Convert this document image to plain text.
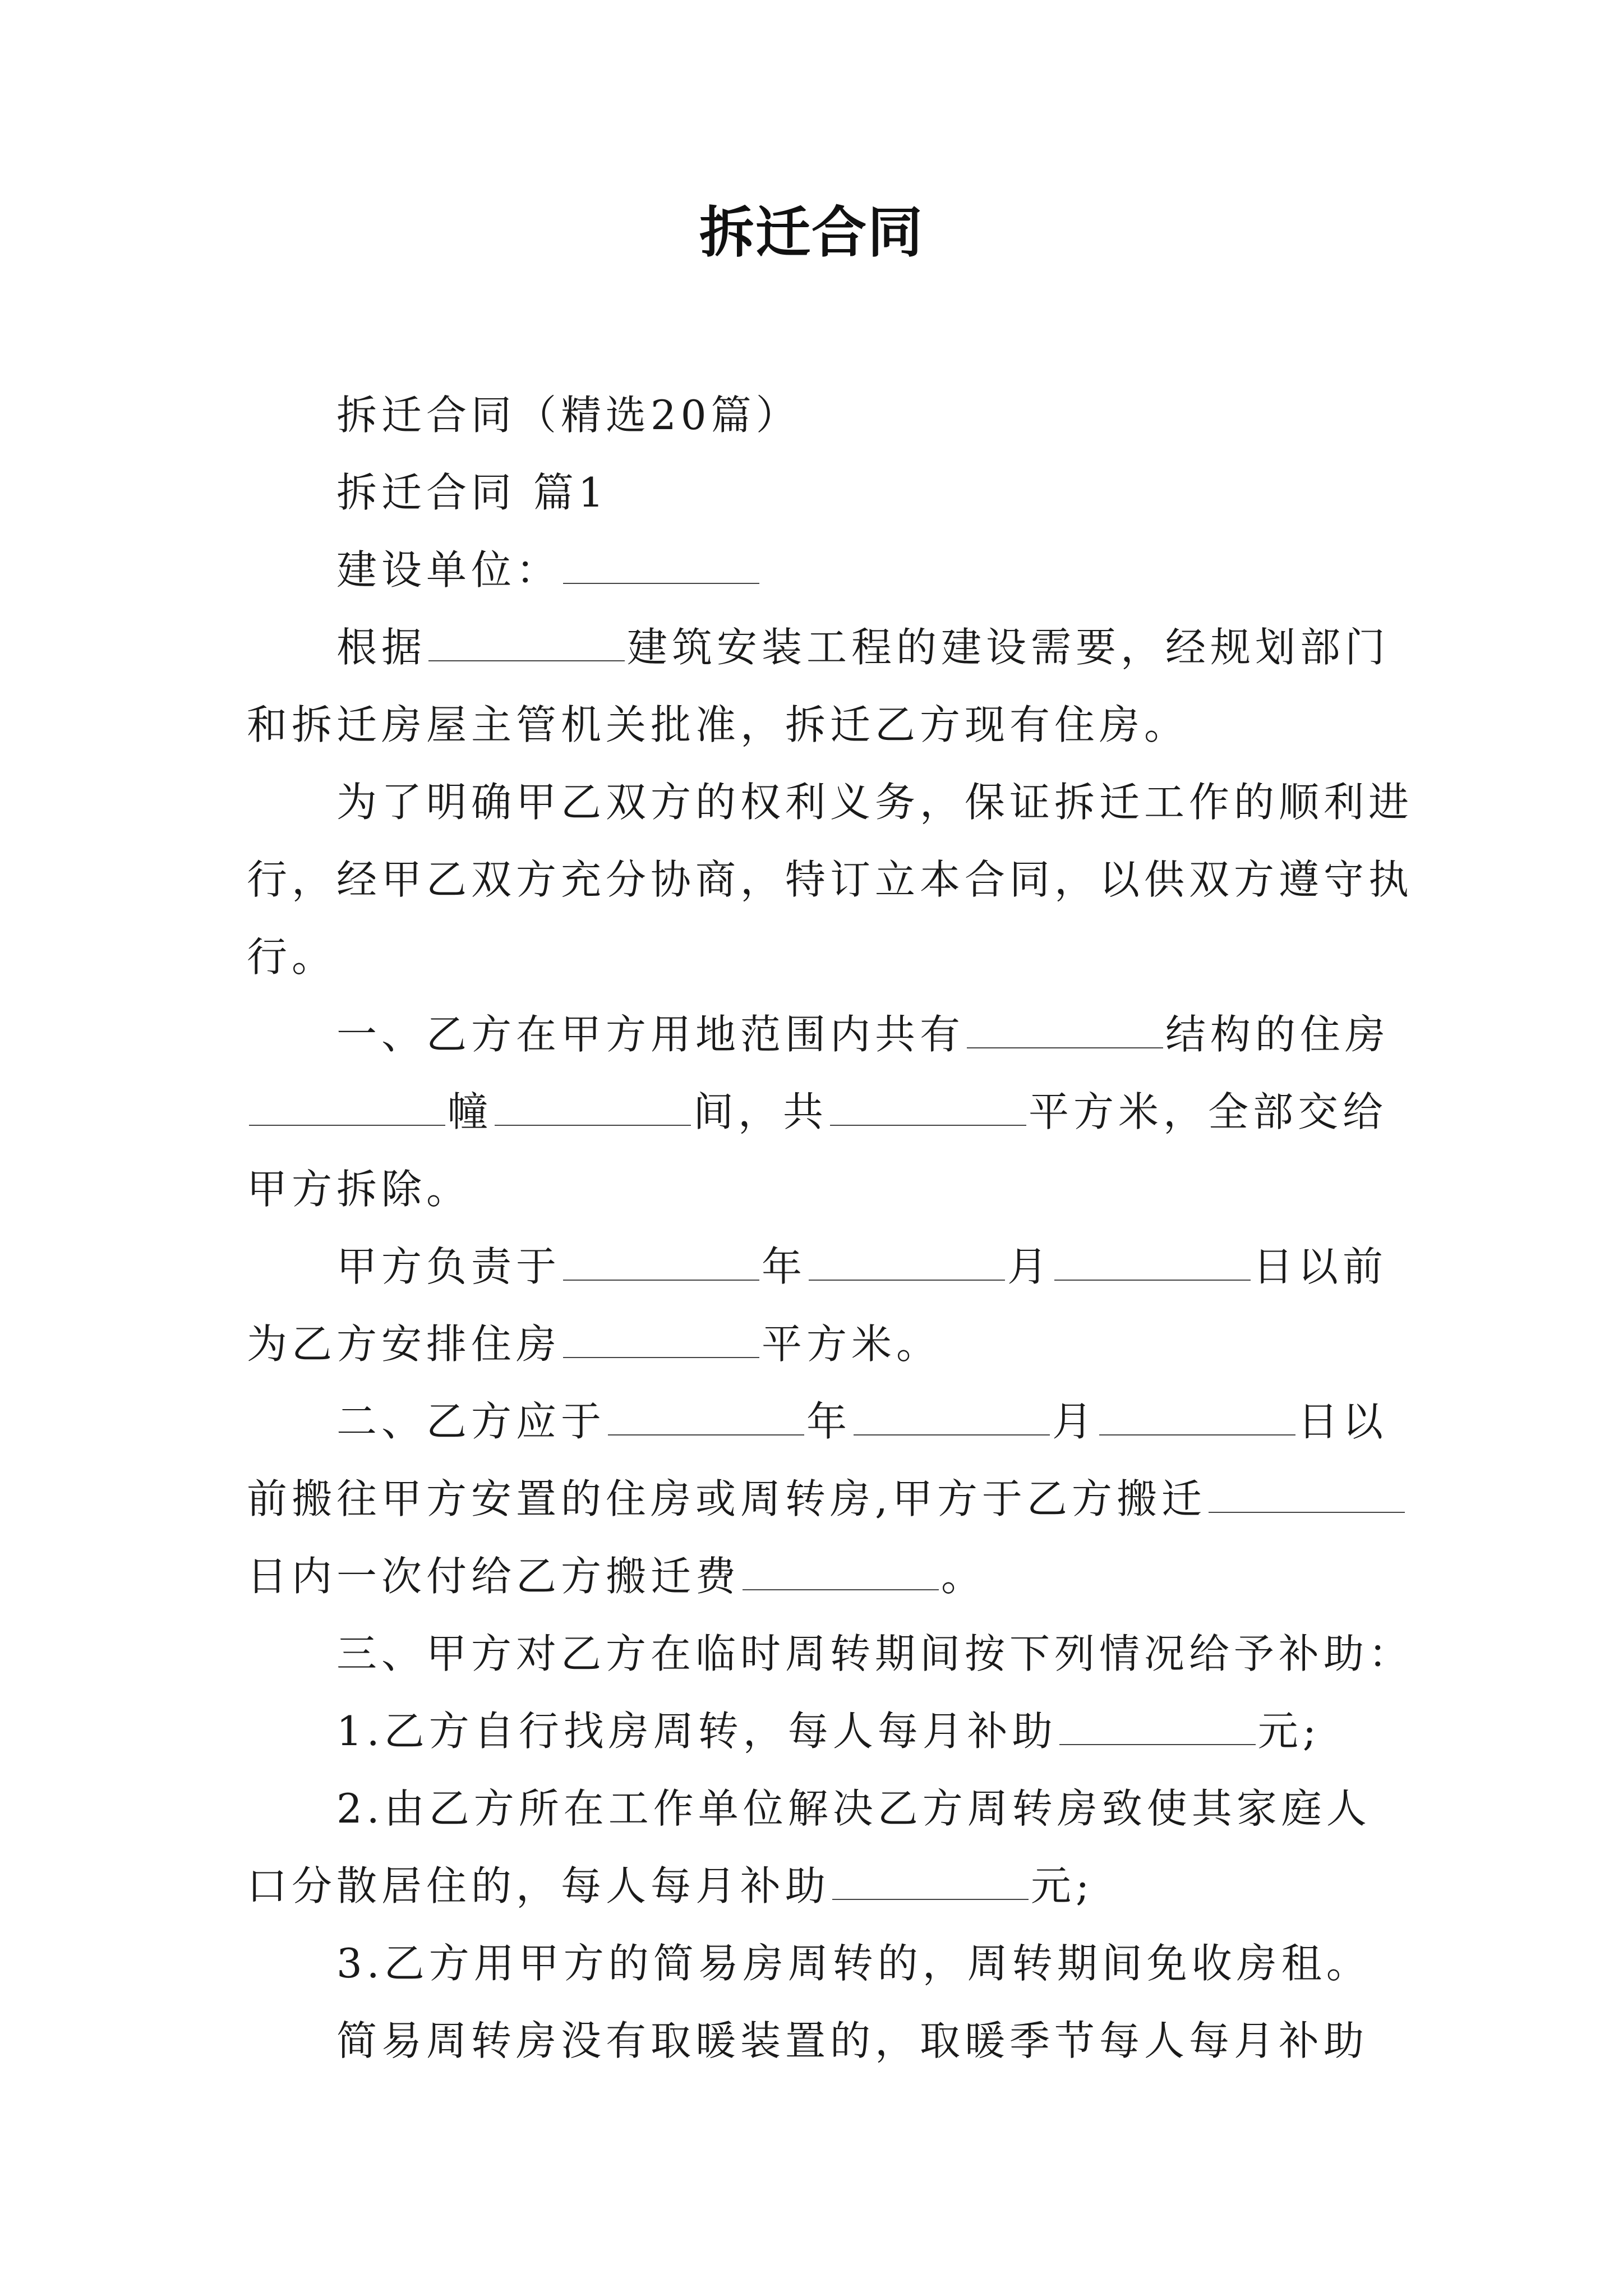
拆迁合同
拆迁合同（精选20篇）
拆迁合同 篇1
建设单位：
根据	建筑安装工程的建设需要，经规划部门
和拆迁房屋主管机关批准，拆迁乙方现有住房。
为了明确甲乙双方的权利义务，保证拆迁工作的顺利进
行，经甲乙双方充分协商，特订立本合同，以供双方遵守执
行。
一、乙方在甲方用地范围内共有	结构的住房
幢	间，共	平方米，全部交给
甲方拆除。
甲方负责于	年	月	日以前
为乙方安排住房	平方米。
二、乙方应于	年	月	日以
前搬往甲方安置的住房或周转房,甲方于乙方搬迁
日内一次付给乙方搬迁费	。
三、甲方对乙方在临时周转期间按下列情况给予补助：
1.乙方自行找房周转，每人每月补助	元;
2.由乙方所在工作单位解决乙方周转房致使其家庭人
口分散居住的，每人每月补助	元;
3.乙方用甲方的简易房周转的，周转期间免收房租。
简易周转房没有取暖装置的，取暖季节每人每月补助
